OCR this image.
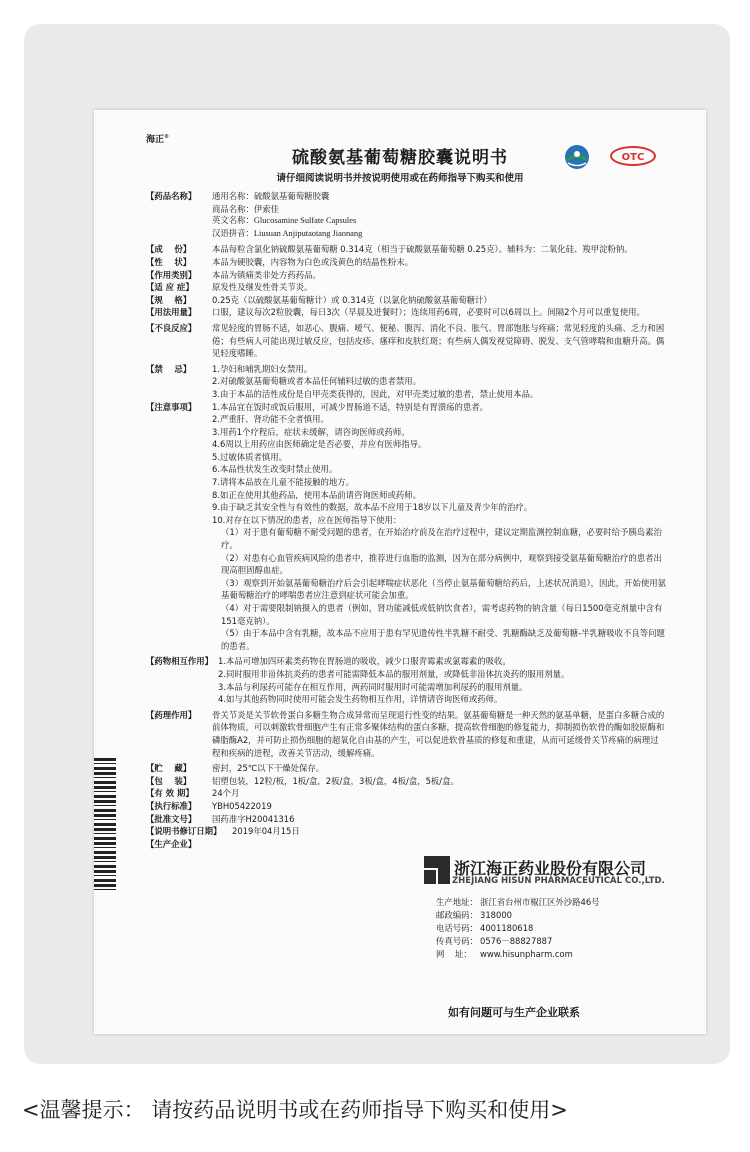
海正®
硫酸氨基葡萄糖胶囊说明书
请仔细阅读说明书并按说明使用或在药师指导下购买和使用
OTC
【药品名称】	通用名称：硫酸氨基葡萄糖胶囊
商品名称：伊索佳
英文名称：Glucosamine Sulfate Capsules
汉语拼音：Liusuan Anjiputaotang Jiaonang
【成    份】	本品每粒含氯化钠硫酸氨基葡萄糖 0.314克（相当于硫酸氨基葡萄糖 0.25克）。辅料为：二氧化硅、羧甲淀粉钠。
【性    状】	本品为硬胶囊，内容物为白色或浅黄色的结晶性粉末。
【作用类别】	本品为镇痛类非处方药药品。
【适 应 症】	原发性及继发性骨关节炎。
【规    格】	0.25克（以硫酸氨基葡萄糖计）或 0.314克（以氯化钠硫酸氨基葡萄糖计）
【用法用量】	口服，建议每次2粒胶囊，每日3次（早晨及进餐时）；连续用药6周，必要时可以6周以上。间隔2个月可以重复使用。
【不良反应】	常见轻度的胃肠不适，如恶心、腹痛、嗳气、便秘、腹泻、消化不良、胀气、胃部饱胀与疼痛；常见轻度的头痛、乏力和困倦；有些病人可能出现过敏反应，包括皮疹、瘙痒和皮肤红斑；有些病人偶发视觉障碍、脱发、支气管哮喘和血糖升高。偶见轻度嗜睡。
【禁    忌】	1.孕妇和哺乳期妇女禁用。
2.对硫酸氨基葡萄糖或者本品任何辅料过敏的患者禁用。
3.由于本品的活性成份是自甲壳类获得的，因此，对甲壳类过敏的患者，禁止使用本品。
【注意事项】	1.本品宜在饭时或饭后服用，可减少胃肠道不适，特别是有胃溃疡的患者。
2.严重肝、肾功能不全者慎用。
3.用药1个疗程后，症状未缓解，请咨询医师或药师。
4.6周以上用药应由医师确定是否必要，并应有医师指导。
5.过敏体质者慎用。
6.本品性状发生改变时禁止使用。
7.请将本品放在儿童不能接触的地方。
8.如正在使用其他药品，使用本品前请咨询医师或药师。
9.由于缺乏其安全性与有效性的数据，故本品不应用于18岁以下儿童及青少年的治疗。
10.对存在以下情况的患者，应在医师指导下使用：
（1）对于患有葡萄糖不耐受问题的患者，在开始治疗前及在治疗过程中，建议定期监测控制血糖，必要时给予胰岛素治疗。
（2）对患有心血管疾病风险的患者中，推荐进行血脂的监测，因为在部分病例中，观察到接受氨基葡萄糖治疗的患者出现高胆固醇血症。
（3）观察到开始氨基葡萄糖治疗后会引起哮喘症状恶化（当停止氨基葡萄糖给药后，上述状况消退），因此，开始使用氨基葡萄糖治疗的哮喘患者应注意到症状可能会加重。
（4）对于需要限制钠摄入的患者（例如，肾功能减低或低钠饮食者），需考虑药物的钠含量（每日1500毫克剂量中含有151毫克钠）。
（5）由于本品中含有乳糖，故本品不应用于患有罕见遗传性半乳糖不耐受、乳糖酶缺乏及葡萄糖-半乳糖吸收不良等问题的患者。
【药物相互作用】 1.本品可增加四环素类药物在胃肠道的吸收，减少口服青霉素或氯霉素的吸收。
2.同时服用非甾体抗炎药的患者可能需降低本品的服用剂量，或降低非甾体抗炎药的服用剂量。
3.本品与利尿药可能存在相互作用，两药同时服用时可能需增加利尿药的服用剂量。
4.如与其他药物同时使用可能会发生药物相互作用，详情请咨询医师或药师。
【药理作用】	骨关节炎是关节软骨蛋白多糖生物合成异常而呈现退行性变的结果。氨基葡萄糖是一种天然的氨基单糖，是蛋白多糖合成的前体物质，可以刺激软骨细胞产生有正常多聚体结构的蛋白多糖，提高软骨细胞的修复能力，抑制损伤软骨的酶如胶原酶和磷脂酶A2，并可防止损伤细胞的超氧化自由基的产生，可以促进软骨基质的修复和重建，从而可延缓骨关节疼痛的病理过程和疾病的进程，改善关节活动，缓解疼痛。
【贮    藏】	密封，25℃以下干燥处保存。
【包    装】	铝塑包装，12粒/板，1板/盒，2板/盒，3板/盒，4板/盒，5板/盒。
【有 效 期】	24个月
【执行标准】	YBH05422019
【批准文号】	国药准字H20041316
【说明书修订日期】	2019年04月15日
【生产企业】
浙江海正药业股份有限公司
ZHEJIANG HISUN PHARMACEUTICAL CO.,LTD.
生产地址： 浙江省台州市椒江区外沙路46号
邮政编码： 318000
电话号码： 4001180618
传真号码： 0576－88827887
网    址： www.hisunpharm.com
如有问题可与生产企业联系
<温馨提示： 请按药品说明书或在药师指导下购买和使用>
